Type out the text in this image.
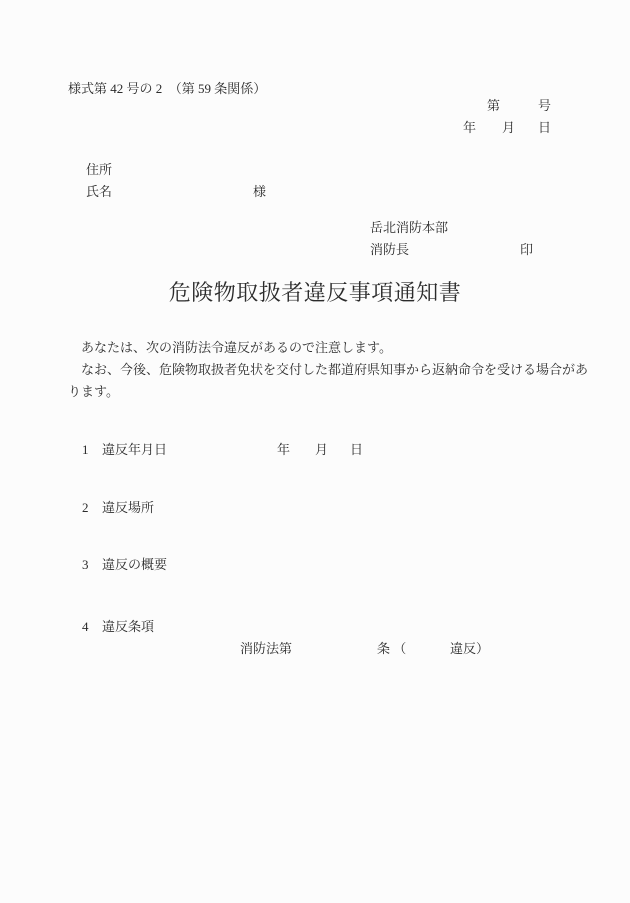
様式第 42 号の 2　（第 59 条関係）
第	号
年 月 日
住所
氏名	様
岳北消防本部
消防長	印
危険物取扱者違反事項通知書
　あなたは、次の消防法令違反があるので注意します。
　なお、今後、危険物取扱者免状を交付した都道府県知事から返納命令を受ける場合があ
ります。
1 違反年月日	年 月 日
2 違反場所
3 違反の概要
4 違反条項
消防法第	条 （	違反）
